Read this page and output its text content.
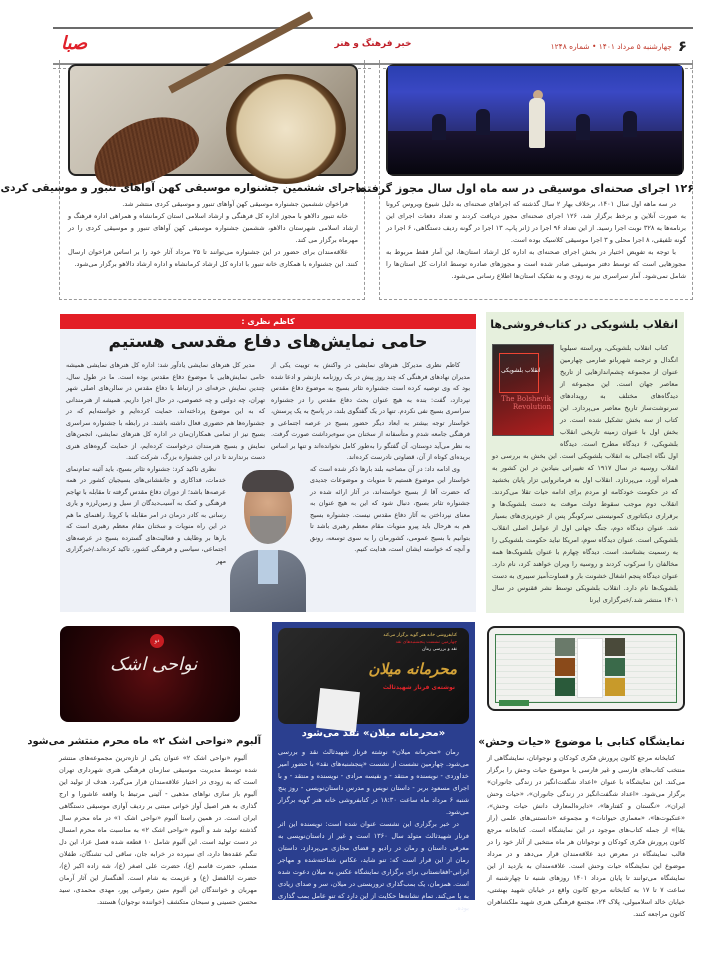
۶
چهارشنبه ۵ مرداد ۱۴۰۱ • شماره ۱۲۴۸
خبر فرهنگ و هنر
صبا
۱۲۶ اجرای صحنه‌ای موسیقی در سه ماه اول سال مجوز گرفتند

در سه ماهه اول سال ۱۴۰۱، برخلاف بهار ۲ سال گذشته که اجراهای صحنه‌ای به دلیل شیوع ویروس کرونا به صورت آنلاین و برخط برگزار شد، ۱۲۶ اجرای صحنه‌ای مجوز دریافت کردند و تعداد دفعات اجرای این برنامه‌ها به ۳۲۸ نوبت اجرا رسید. از این تعداد ۹۶ اجرا در ژانر پاپ، ۱۳ اجرا در گونه ردیف دستگاهی، ۶ اجرا در گونه تلفیقی، ۸ اجرا محلی و ۳ اجرا موسیقی کلاسیک بوده است.

با توجه به تفویض اختیار در بخش اجرای صحنه‌ای به اداره کل ارشاد استان‌ها، این آمار فقط مربوط به مجوزهایی است که توسط دفتر موسیقی صادر شده است و مجوزهای صادره توسط ادارات کل استان‌ها را شامل نمی‌شود. آمار سراسری نیز به زودی و به تفکیک استان‌ها اطلاع رسانی می‌شود.

ماجرای ششمین جشنواره موسیقی کهن آواهای تنبور و موسیقی کردی

فراخوان ششمین جشنواره موسیقی کهن آواهای تنبور و موسیقی کردی منتشر شد.

خانه تنبور دالاهو با مجوز اداره کل فرهنگی و ارشاد اسلامی استان کرمانشاه و همراهی اداره فرهنگ و ارشاد اسلامی شهرستان دالاهو، ششمین جشنواره موسیقی کهن آواهای تنبور و موسیقی کردی را در مهرماه برگزار می کند.

علاقه‌مندان برای حضور در این جشنواره می‌توانند تا ۲۵ مرداد آثار خود را بر اساس فراخوان ارسال کنند. این جشنواره با همکاری خانه تنبور با اداره کل ارشاد کرمانشاه و اداره ارشاد دالاهو برگزار می‌شود.

انقلاب بلشویکی در کتاب‌فروشی‌ها
انقلاب بلشویکی
The Bolshevik Revolution

کتاب انقلاب بلشویکی، ویراسته سیلویا انگدال و ترجمه شهربانو صارمی چهارمین عنوان از مجموعه چشم‌اندازهایی از تاریخ معاصر جهان است. این مجموعه از دیدگاه‌های مختلف به رویدادهای سرنوشت‌ساز تاریخ معاصر می‌پردازد. این کتاب از سه بخش تشکیل شده است. در بخش اول با عنوان زمینه تاریخی انقلاب بلشویکی، ۶ دیدگاه مطرح است. دیدگاه اول نگاه اجمالی به انقلاب بلشویکی است. این بخش به بررسی دو انقلاب روسیه در سال ۱۹۱۷ که تغییراتی بنیادین در این کشور به همراه آورد، می‌پردازد. انقلاب اول به فرمانروایی تزار پایان بخشید که در حکومت خودکامه او مردم برای ادامه حیات تقلا می‌کردند. انقلاب دوم موجب سقوط دولت موقت به دست بلشویک‌ها و برقراری دیکتاتوری کمونیستی سرکوبگر پس از خونریزی‌های بسیار شد. عنوان دیدگاه دوم، جنگ جهانی اول از عوامل اصلی انقلاب بلشویکی است. عنوان دیدگاه سوم، امریکا نباید حکومت بلشویکی را به رسمیت بشناسد، است. دیدگاه چهارم با عنوان بلشویک‌ها همه مخالفان را سرکوب کردند و روسیه را ویران خواهند کرد، نام دارد. عنوان دیدگاه پنجم اشغال خشونت بار و قساوت‌آمیز سیبری به دست بلشویک‌ها نام دارد. انقلاب بلشویکی توسط نشر ققنوس در سال ۱۴۰۱ منتشر شد./خبرگزاری ایرنا

کاظم نظری :
حامی نمایش‌های دفاع مقدسی هستیم

کاظم نظری مدیرکل هنرهای نمایشی در واکنش به توییت یکی از مدیران نهادهای فرهنگی که چند روز پیش در یک روزنامه بازنشر و ادعا شده بود که وی توصیه کرده است جشنواره تئاتر بسیج به موضوع دفاع مقدس نپردازد، گفت: بنده به هیچ عنوان بحث دفاع مقدس را در جشنواره سراسری بسیج نفی نکردم. تنها در یک گفتگوی بلند، در پاسخ به یک پرسش، خواستار توجه بیشتر به ابعاد دیگر حضور بسیج در عرصه اجتماعی و فرهنگی جامعه شدم و متأسفانه از سخنان من سوءبرداشت صورت گرفت. به نظر می‌آید دوستان، آن گفتگو را به‌طور کامل نخوانده‌اند و تنها بر اساس بریده‌ای کوتاه از آن، قضاوتی نادرست کرده‌اند.

وی ادامه داد: در آن مصاحبه بلند بارها ذکر شده است که خواستار این موضوع هستیم تا منویات و موضوعات جدیدی که حضرت آقا از بسیج خواسته‌اند، در آثار ارائه شده در جشنواره تئاتر بسیج، دنبال شود که این به هیچ عنوان به معنای نپرداختن به آثار دفاع مقدس نیست. جشنواره بسیج هم به هرحال باید پیرو منویات مقام معظم رهبری باشد تا بتوانیم با بسیج عمومی، کشورمان را به سوی توسعه، رونق و آنچه که خواسته ایشان است، هدایت کنیم.

مدیر کل هنرهای نمایشی یادآور شد: اداره کل هنرهای نمایشی همیشه حامی نمایش‌هایی با موضوع دفاع مقدس بوده است. ما در طول سال، چندین نمایش حرفه‌ای در ارتباط با دفاع مقدس در سالن‌های اصلی شهر تهران، چه دولتی و چه خصوصی، در حال اجرا داریم. همیشه از هنرمندانی که به این موضوع پرداخته‌اند، حمایت کرده‌ایم و خواسته‌ایم که در جشنواره‌ها هم حضوری فعال داشته باشند. در رابطه با جشنواره سراسری بسیج نیز از تمامی همکاران‌مان در اداره کل هنرهای نمایشی، انجمن‌های نمایش و بسیج هنرمندان درخواست کرده‌ایم، از حمایت گروه‌های هنری دست برندارند تا در این جشنواره بزرگ، شرکت کنند.

نظری تاکید کرد: جشنواره تئاتر بسیج، باید آئینه تمام‌نمای خدمات، فداکاری و جانفشانی‌های بسیجیان کشور در همه عرصه‌ها باشد؛ از دوران دفاع مقدس گرفته تا مقابله با تهاجم فرهنگی و کمک به آسیب‌دیدگان از سیل و زمین‌لرزه و یاری رسانی به کادر درمان در امر مقابله با کرونا. راهنمای ما هم در این راه منویات و سخنان مقام معظم رهبری است که بارها بر وظایف و فعالیت‌های گسترده بسیج در عرصه‌های اجتماعی، سیاسی و فرهنگی کشور، تاکید کرده‌اند./خبرگزاری مهر

نمایشگاه کتابی با موضوع «حیات وحش»

کتابخانه مرجع کانون پرورش فکری کودکان و نوجوانان، نمایشگاهی از منتخب کتاب‌های فارسی و غیر فارسی با موضوع حیات وحش را برگزار می‌کند. این نمایشگاه با عنوان «اعداد شگفت‌انگیز در زندگی جانوران» برگزار می‌شود. «اعداد شگفت‌انگیز در زندگی جانوران»، «حیات وحش ایران»، «نگستان و کفتارها»، «دایره‌المعارف دانش حیات وحش»، «عنکبوت‌ها»، «معماری حیوانات» و مجموعه «دانستنی‌های علمی (راز بقا)» از جمله کتاب‌های موجود در این نمایشگاه است. کتابخانه مرجع کانون پرورش فکری کودکان و نوجوانان هر ماه منتخبی از آثار خود را در قالب نمایشگاه در معرض دید علاقه‌مندان قرار می‌دهد و در مرداد موضوع این نمایشگاه حیات وحش است. علاقه‌مندان به بازدید از این نمایشگاه می‌توانند تا پایان مرداد ۱۴۰۱ روزهای شنبه تا چهارشنبه از ساعت ۷ تا ۱۷ به کتابخانه مرجع کانون واقع در خیابان شهید بهشتی، خیابان خالد اسلامبولی، پلاک ۲۴، مجتمع فرهنگی هنری شهید ملکشاهران کانون مراجعه کنند.

کتابفروشی خانه هنر گویه برگزار می‌کند
چهارمین نشست پنجشنبه‌های نقد
نقد و بررسی رمان
محرمانه میلان
نوشته‌ی فرناز شهیدثالث
«محرمانه میلان» نقد می‌شود

رمان «محرمانه میلان» نوشته فرناز شهیدثالث نقد و بررسی می‌شود. چهارمین نشست از نشست «پنجشنبه‌های نقد» با حضور امیر خداوردی - نویسنده و منتقد - و نفیسه مرادی - نویسنده و منتقد - و با اجرای مسعود بربر - داستان نویس و مدرس داستان‌نویسی - روز پنج شنبه ۶ مرداد ماه ساعت ۱۸:۳۰ در کتابفروشی خانه هنر گویه برگزار می‌شود.

در خبر برگزاری این نشست عنوان شده است: نویسنده این اثر فرناز شهیدثالث متولد سال ۱۳۶۰ است و غیر از داستان‌نویسی به معرفی داستان و رمان در رادیو و فضای مجازی می‌پردازد. داستان رمان از این قرار است که: تنو شاید، عکاس شناخته‌شده و مهاجر ایرانی-افغانستانی برای برگزاری نمایشگاه عکس به میلان دعوت شده است. همزمان، یک بمب‌گذاری تروریستی در میلان، سر و صدای زیادی به پا می‌کند. تمام نشانه‌ها حکایت از این دارد که تنو عامل بمب گذاری بوده.

دو
نواحی اشک
آلبوم «نواحی اشک ۲» ماه محرم منتشر می‌شود

آلبوم «نواحی اشک ۲» عنوان یکی از تازه‌ترین مجموعه‌های منتشر شده توسط مدیریت موسیقی سازمان فرهنگی هنری شهرداری تهران است که به زودی در اختیار علاقه‌مندان قرار می‌گیرد. هدف از تولید این آلبوم باز سازی نواهای مذهبی - آئینی مرتبط با واقعه عاشورا و ارج گذاری به هنر اصیل آواز خوانی مبتنی بر ردیف آوازی موسیقی دستگاهی ایران است. در همین راستا آلبوم «نواحی اشک ۱» در ماه محرم سال گذشته تولید شد و آلبوم «نواحی اشک ۲» به مناسبت ماه محرم امسال در دست تولید است. این آلبوم شامل ۱۰ قطعه شده فصل عزا، این دل تنگم عقده‌ها دارد، ای سپرده در خرابه جان، ساقی لب تشنگان، طفلان مسلم، حضرت قاسم (ع)، حضرت علی اصغر (ع)، شه زاده اکبر (ع)، حضرت ابالفضل (ع) و عزیمت به شام است. آهنگساز این آثار آرمان مهربان و خوانندگان این آلبوم متین رضوانی پور، مهدی محمدی، سید محسن حسینی و سبحان متکشف (خواننده نوجوان) هستند.
